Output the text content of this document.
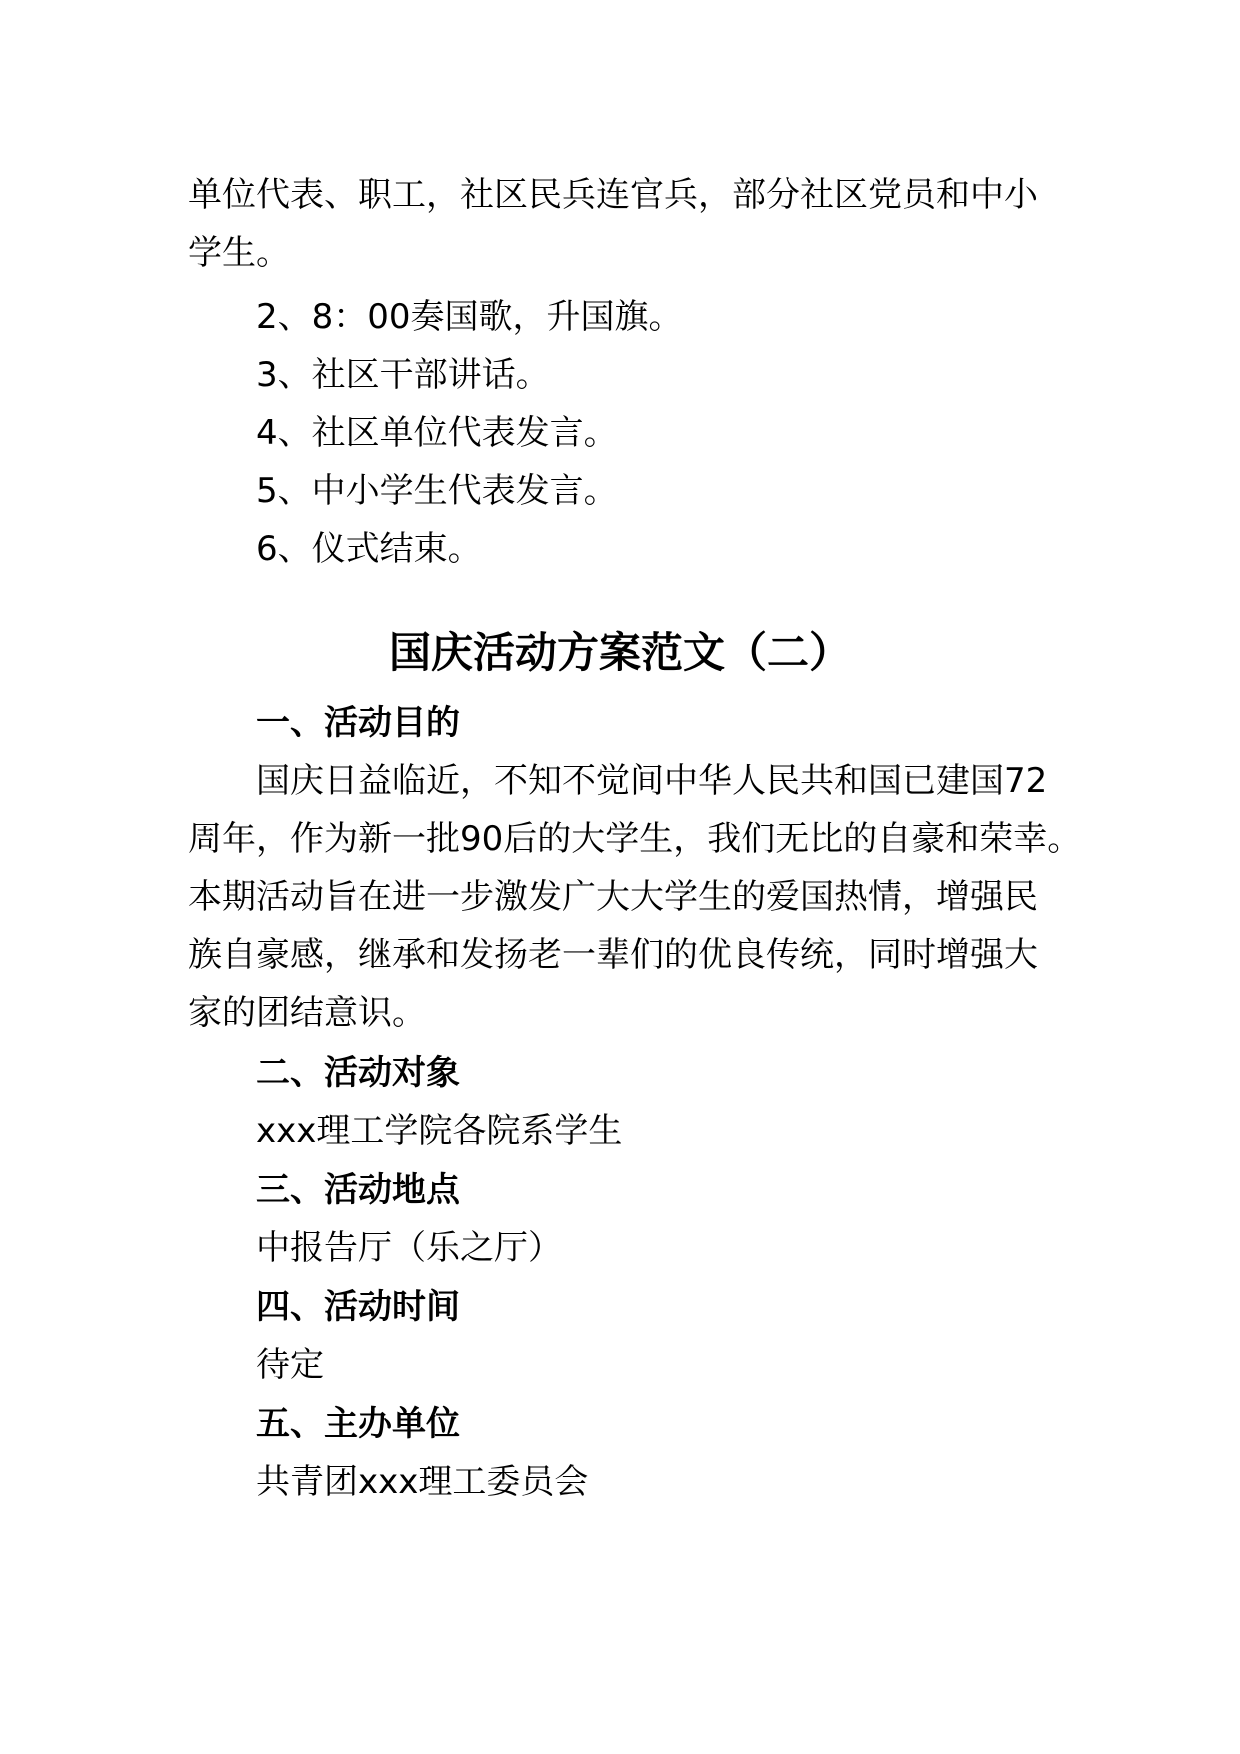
单位代表、职工，社区民兵连官兵，部分社区党员和中小
学生。
2、8：00奏国歌，升国旗。
3、社区干部讲话。
4、社区单位代表发言。
5、中小学生代表发言。
6、仪式结束。
国庆活动方案范文（二）
一、活动目的
国庆日益临近，不知不觉间中华人民共和国已建国72
周年，作为新一批90后的大学生，我们无比的自豪和荣幸。
本期活动旨在进一步激发广大大学生的爱国热情，增强民
族自豪感，继承和发扬老一辈们的优良传统，同时增强大
家的团结意识。
二、活动对象
xxx理工学院各院系学生
三、活动地点
中报告厅（乐之厅）
四、活动时间
待定
五、主办单位
共青团xxx理工委员会
